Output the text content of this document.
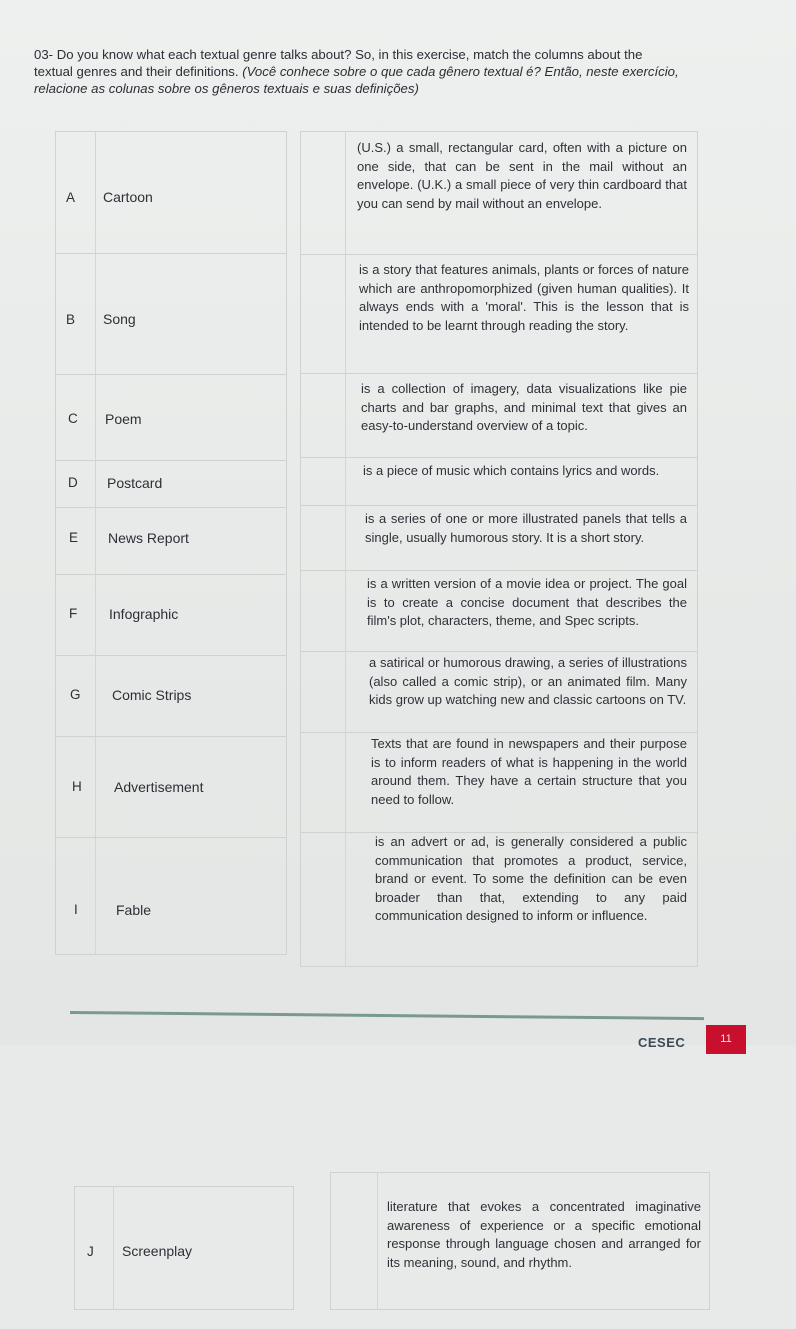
03- Do you know what each textual genre talks about? So, in this exercise, match the columns about the textual genres and their definitions. (Você conhece sobre o que cada gênero textual é? Então, neste exercício, relacione as colunas sobre os gêneros textuais e suas definições)
A Cartoon
B Song
C Poem
D Postcard
E News Report
F Infographic
G Comic Strips
H Advertisement
I	Fable
(U.S.) a small, rectangular card, often with a picture on one side, that can be sent in the mail without an envelope. (U.K.) a small piece of very thin cardboard that you can send by mail without an envelope.
is a story that features animals, plants or forces of nature which are anthropomorphized (given human qualities). It always ends with a 'moral'. This is the lesson that is intended to be learnt through reading the story.
is a collection of imagery, data visualizations like pie charts and bar graphs, and minimal text that gives an easy-to-understand overview of a topic.
is a piece of music which contains lyrics and words.
is a series of one or more illustrated panels that tells a single, usually humorous story. It is a short story.
is a written version of a movie idea or project. The goal is to create a concise document that describes the film's plot, characters, theme, and Spec scripts.
a satirical or humorous drawing, a series of illustrations (also called a comic strip), or an animated film. Many kids grow up watching new and classic cartoons on TV.
Texts that are found in newspapers and their purpose is to inform readers of what is happening in the world around them. They have a certain structure that you need to follow.
is an advert or ad, is generally considered a public communication that promotes a product, service, brand or event. To some the definition can be even broader than that, extending to any paid communication designed to inform or influence.
CESEC	11
J Screenplay
literature that evokes a concentrated imaginative awareness of experience or a specific emotional response through language chosen and arranged for its meaning, sound, and rhythm.
